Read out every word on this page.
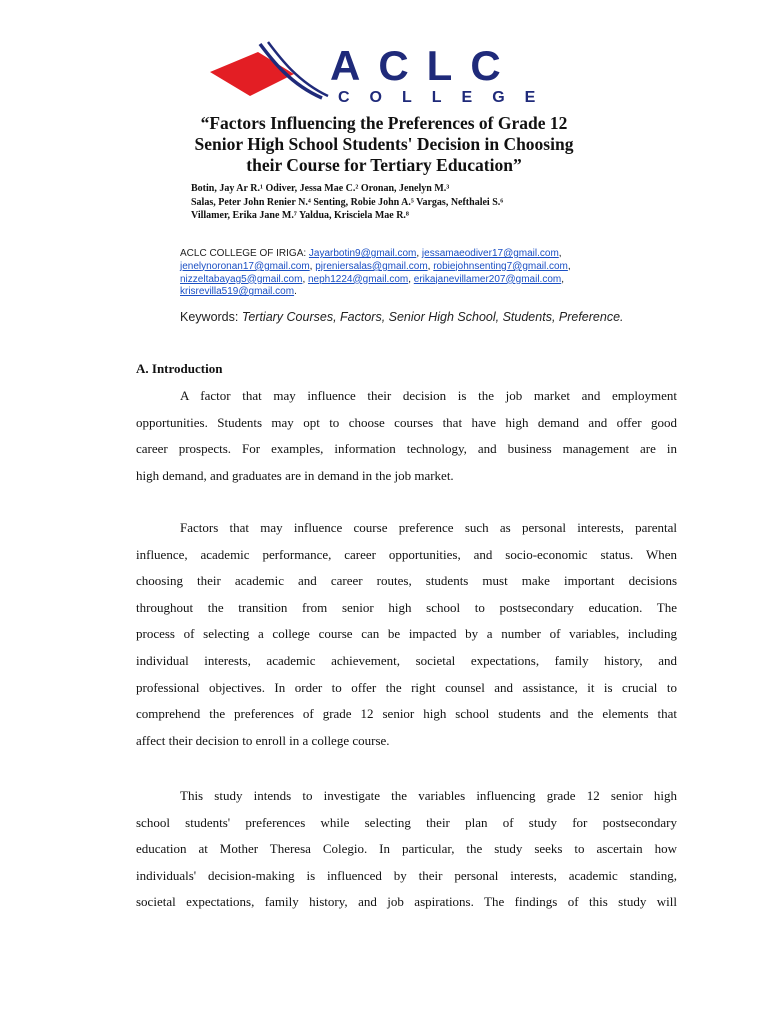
ACLC
COLLEGE
“Factors Influencing the Preferences of Grade 12
Senior High School Students' Decision in Choosing
their Course for Tertiary Education”
Botin, Jay Ar R.¹ Odiver, Jessa Mae C.² Oronan, Jenelyn M.³
Salas, Peter John Renier N.⁴ Senting, Robie John A.⁵ Vargas, Nefthalei S.⁶
Villamer, Erika Jane M.⁷ Yaldua, Krisciela Mae R.⁸
ACLC COLLEGE OF IRIGA: Jayarbotin9@gmail.com, jessamaeodiver17@gmail.com,
jenelynoronan17@gmail.com, pjreniersalas@gmail.com, robiejohnsenting7@gmail.com,
nizzeltabayag5@gmail.com, neph1224@gmail.com, erikajanevillamer207@gmail.com,
krisrevilla519@gmail.com.
Keywords: Tertiary Courses, Factors, Senior High School, Students, Preference.
A. Introduction
A factor that may influence their decision is the job market and employment
opportunities. Students may opt to choose courses that have high demand and offer good
career prospects. For examples, information technology, and business management are in
high demand, and graduates are in demand in the job market.
Factors that may influence course preference such as personal interests, parental
influence, academic performance, career opportunities, and socio-economic status. When
choosing their academic and career routes, students must make important decisions
throughout the transition from senior high school to postsecondary education. The
process of selecting a college course can be impacted by a number of variables, including
individual interests, academic achievement, societal expectations, family history, and
professional objectives. In order to offer the right counsel and assistance, it is crucial to
comprehend the preferences of grade 12 senior high school students and the elements that
affect their decision to enroll in a college course.
This study intends to investigate the variables influencing grade 12 senior high
school students' preferences while selecting their plan of study for postsecondary
education at Mother Theresa Colegio. In particular, the study seeks to ascertain how
individuals' decision-making is influenced by their personal interests, academic standing,
societal expectations, family history, and job aspirations. The findings of this study will
